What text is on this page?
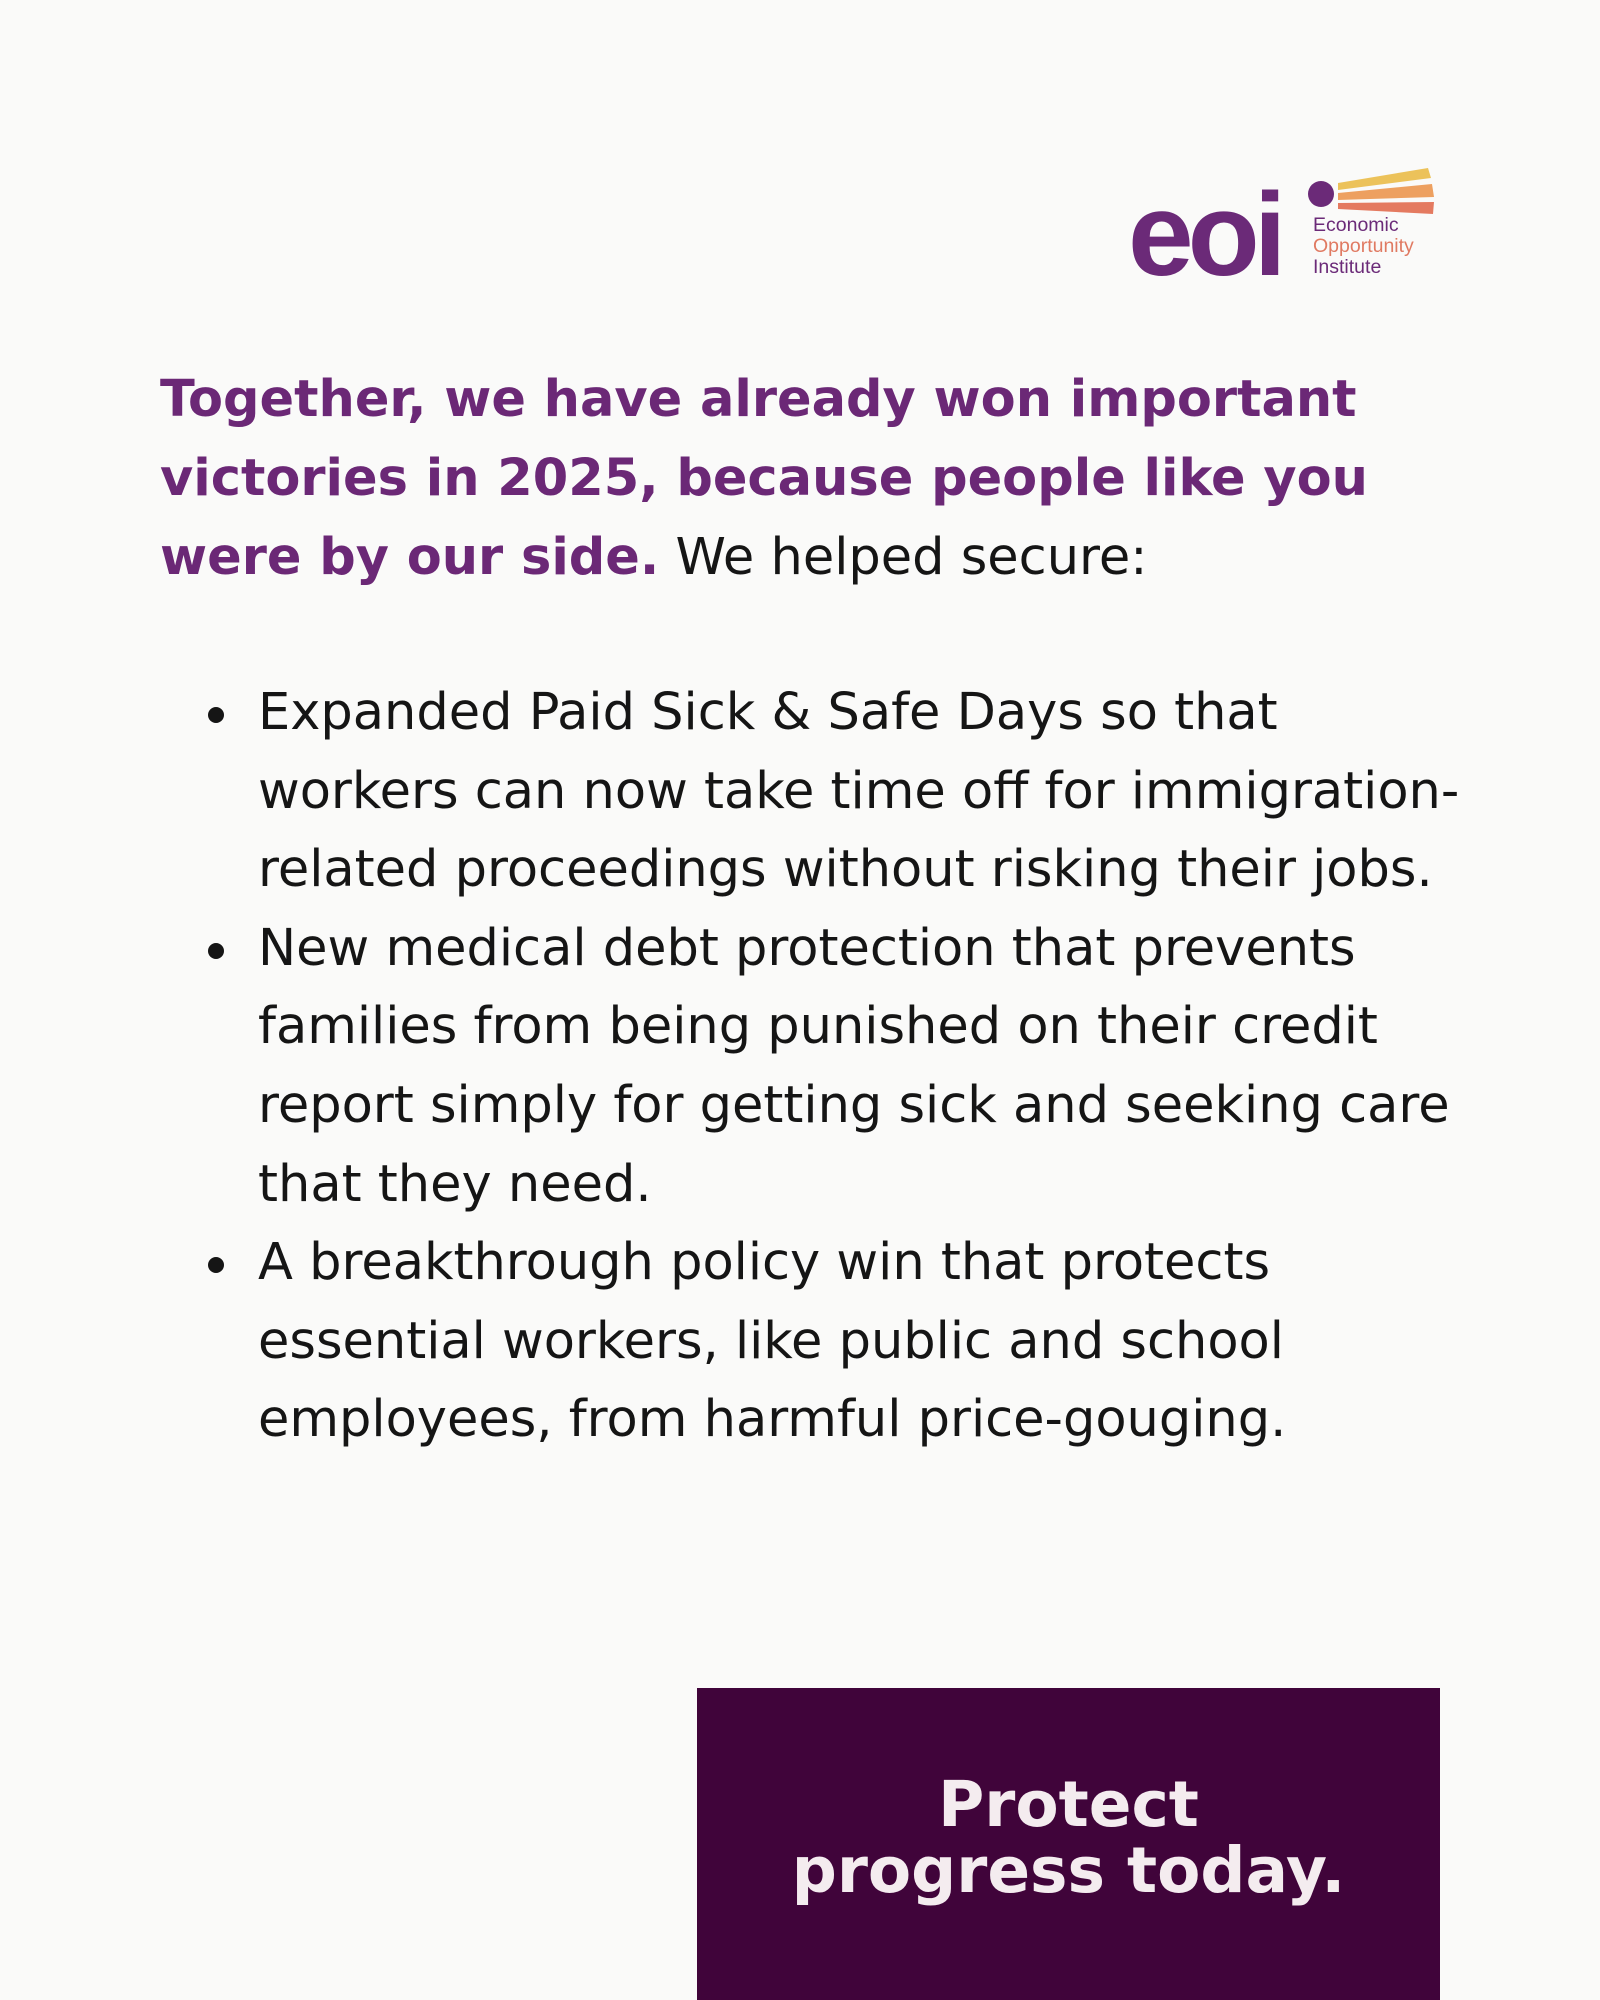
eoi Economic
Opportunity
Institute

Together, we have already won important victories in 2025, because people like you were by our side. We helped secure:

Expanded Paid Sick & Safe Days so that workers can now take time off for immigration-related proceedings without risking their jobs.
New medical debt protection that prevents families from being punished on their credit report simply for getting sick and seeking care that they need.
A breakthrough policy win that protects essential workers, like public and school employees, from harmful price-gouging.
Protect
progress today.
